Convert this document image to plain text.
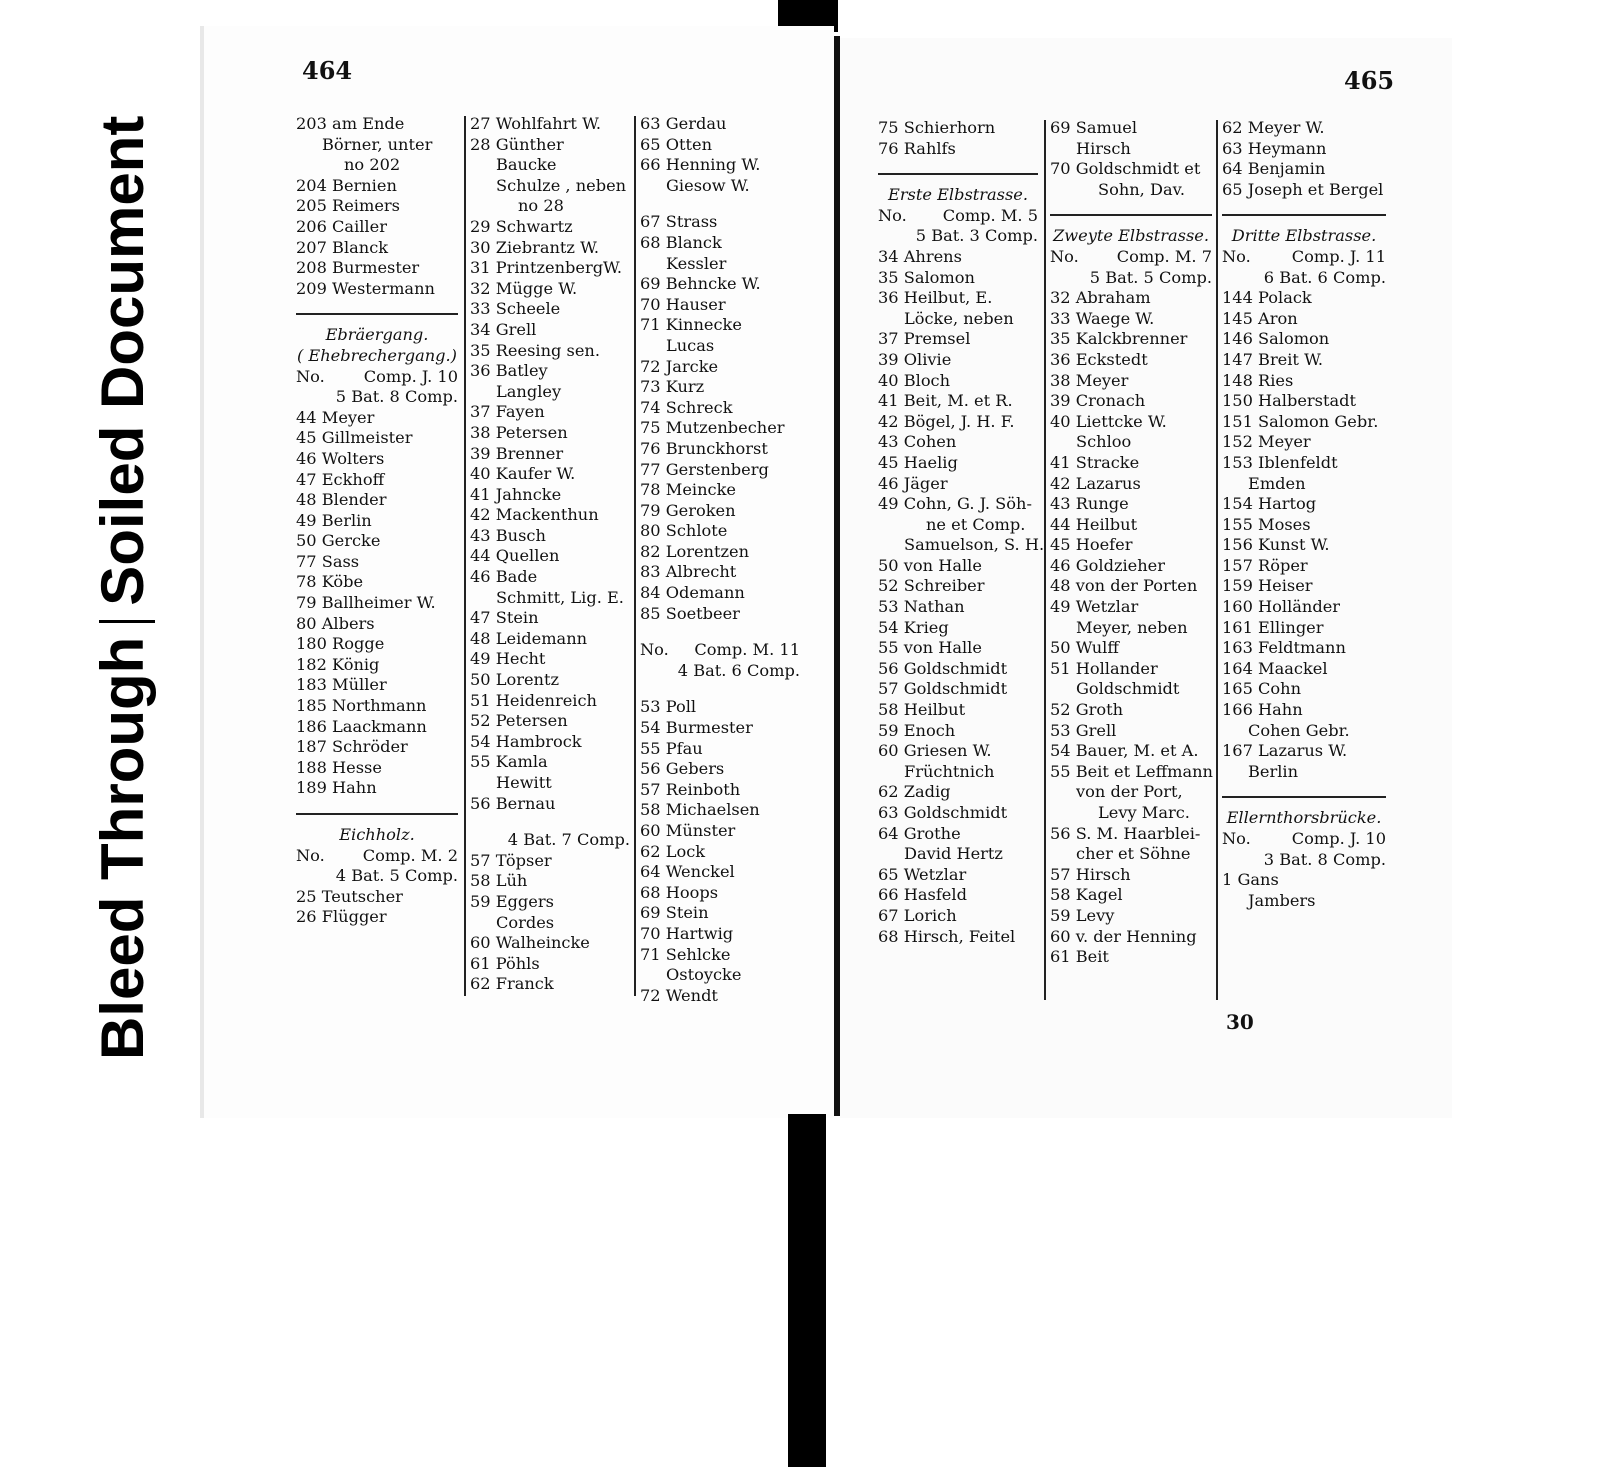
Bleed ThroughSoiled Document
464	465
203 am Ende
Börner, unter
no 202
204 Bernien
205 Reimers
206 Cailler
207 Blanck
208 Burmester
209 Westermann
Ebräergang.
( Ehebrechergang.)
No. Comp. J. 10
5 Bat. 8 Comp.
44 Meyer
45 Gillmeister
46 Wolters
47 Eckhoff
48 Blender
49 Berlin
50 Gercke
77 Sass
78 Köbe
79 Ballheimer W.
80 Albers
180 Rogge
182 König
183 Müller
185 Northmann
186 Laackmann
187 Schröder
188 Hesse
189 Hahn
Eichholz.
No. Comp. M. 2
4 Bat. 5 Comp.
25 Teutscher
26 Flügger
27 Wohlfahrt W.
28 Günther
Baucke
Schulze , neben
no 28
29 Schwartz
30 Ziebrantz W.
31 PrintzenbergW.
32 Mügge W.
33 Scheele
34 Grell
35 Reesing sen.
36 Batley
Langley
37 Fayen
38 Petersen
39 Brenner
40 Kaufer W.
41 Jahncke
42 Mackenthun
43 Busch
44 Quellen
46 Bade
Schmitt, Lig. E.
47 Stein
48 Leidemann
49 Hecht
50 Lorentz
51 Heidenreich
52 Petersen
54 Hambrock
55 Kamla
Hewitt
56 Bernau
4 Bat. 7 Comp.
57 Töpser
58 Lüh
59 Eggers
Cordes
60 Walheincke
61 Pöhls
62 Franck
63 Gerdau
65 Otten
66 Henning W.
Giesow W.
67 Strass
68 Blanck
Kessler
69 Behncke W.
70 Hauser
71 Kinnecke
Lucas
72 Jarcke
73 Kurz
74 Schreck
75 Mutzenbecher
76 Brunckhorst
77 Gerstenberg
78 Meincke
79 Geroken
80 Schlote
82 Lorentzen
83 Albrecht
84 Odemann
85 Soetbeer
No. Comp. M. 11
4 Bat. 6 Comp.
53 Poll
54 Burmester
55 Pfau
56 Gebers
57 Reinboth
58 Michaelsen
60 Münster
62 Lock
64 Wenckel
68 Hoops
69 Stein
70 Hartwig
71 Sehlcke
Ostoycke
72 Wendt
75 Schierhorn
76 Rahlfs
Erste Elbstrasse.
No. Comp. M. 5
5 Bat. 3 Comp.
34 Ahrens
35 Salomon
36 Heilbut, E.
Löcke, neben
37 Premsel
39 Olivie
40 Bloch
41 Beit, M. et R.
42 Bögel, J. H. F.
43 Cohen
45 Haelig
46 Jäger
49 Cohn, G. J. Söh-
ne et Comp.
Samuelson, S. H.
50 von Halle
52 Schreiber
53 Nathan
54 Krieg
55 von Halle
56 Goldschmidt
57 Goldschmidt
58 Heilbut
59 Enoch
60 Griesen W.
Früchtnich
62 Zadig
63 Goldschmidt
64 Grothe
David Hertz
65 Wetzlar
66 Hasfeld
67 Lorich
68 Hirsch, Feitel
69 Samuel
Hirsch
70 Goldschmidt et
Sohn, Dav.
Zweyte Elbstrasse.
No. Comp. M. 7
5 Bat. 5 Comp.
32 Abraham
33 Waege W.
35 Kalckbrenner
36 Eckstedt
38 Meyer
39 Cronach
40 Liettcke W.
Schloo
41 Stracke
42 Lazarus
43 Runge
44 Heilbut
45 Hoefer
46 Goldzieher
48 von der Porten
49 Wetzlar
Meyer, neben
50 Wulff
51 Hollander
Goldschmidt
52 Groth
53 Grell
54 Bauer, M. et A.
55 Beit et Leffmann
von der Port,
Levy Marc.
56 S. M. Haarblei-
cher et Söhne
57 Hirsch
58 Kagel
59 Levy
60 v. der Henning
61 Beit
62 Meyer W.
63 Heymann
64 Benjamin
65 Joseph et Bergel
Dritte Elbstrasse.
No.	Comp. J. 11
6 Bat. 6 Comp.
144 Polack
145 Aron
146 Salomon
147 Breit W.
148 Ries
150 Halberstadt
151 Salomon Gebr.
152 Meyer
153 Iblenfeldt
Emden
154 Hartog
155 Moses
156 Kunst W.
157 Röper
159 Heiser
160 Holländer
161 Ellinger
163 Feldtmann
164 Maackel
165 Cohn
166 Hahn
Cohen Gebr.
167 Lazarus W.
Berlin
Ellernthorsbrücke.
No.	Comp. J. 10
3 Bat. 8 Comp.
1 Gans
Jambers
30
